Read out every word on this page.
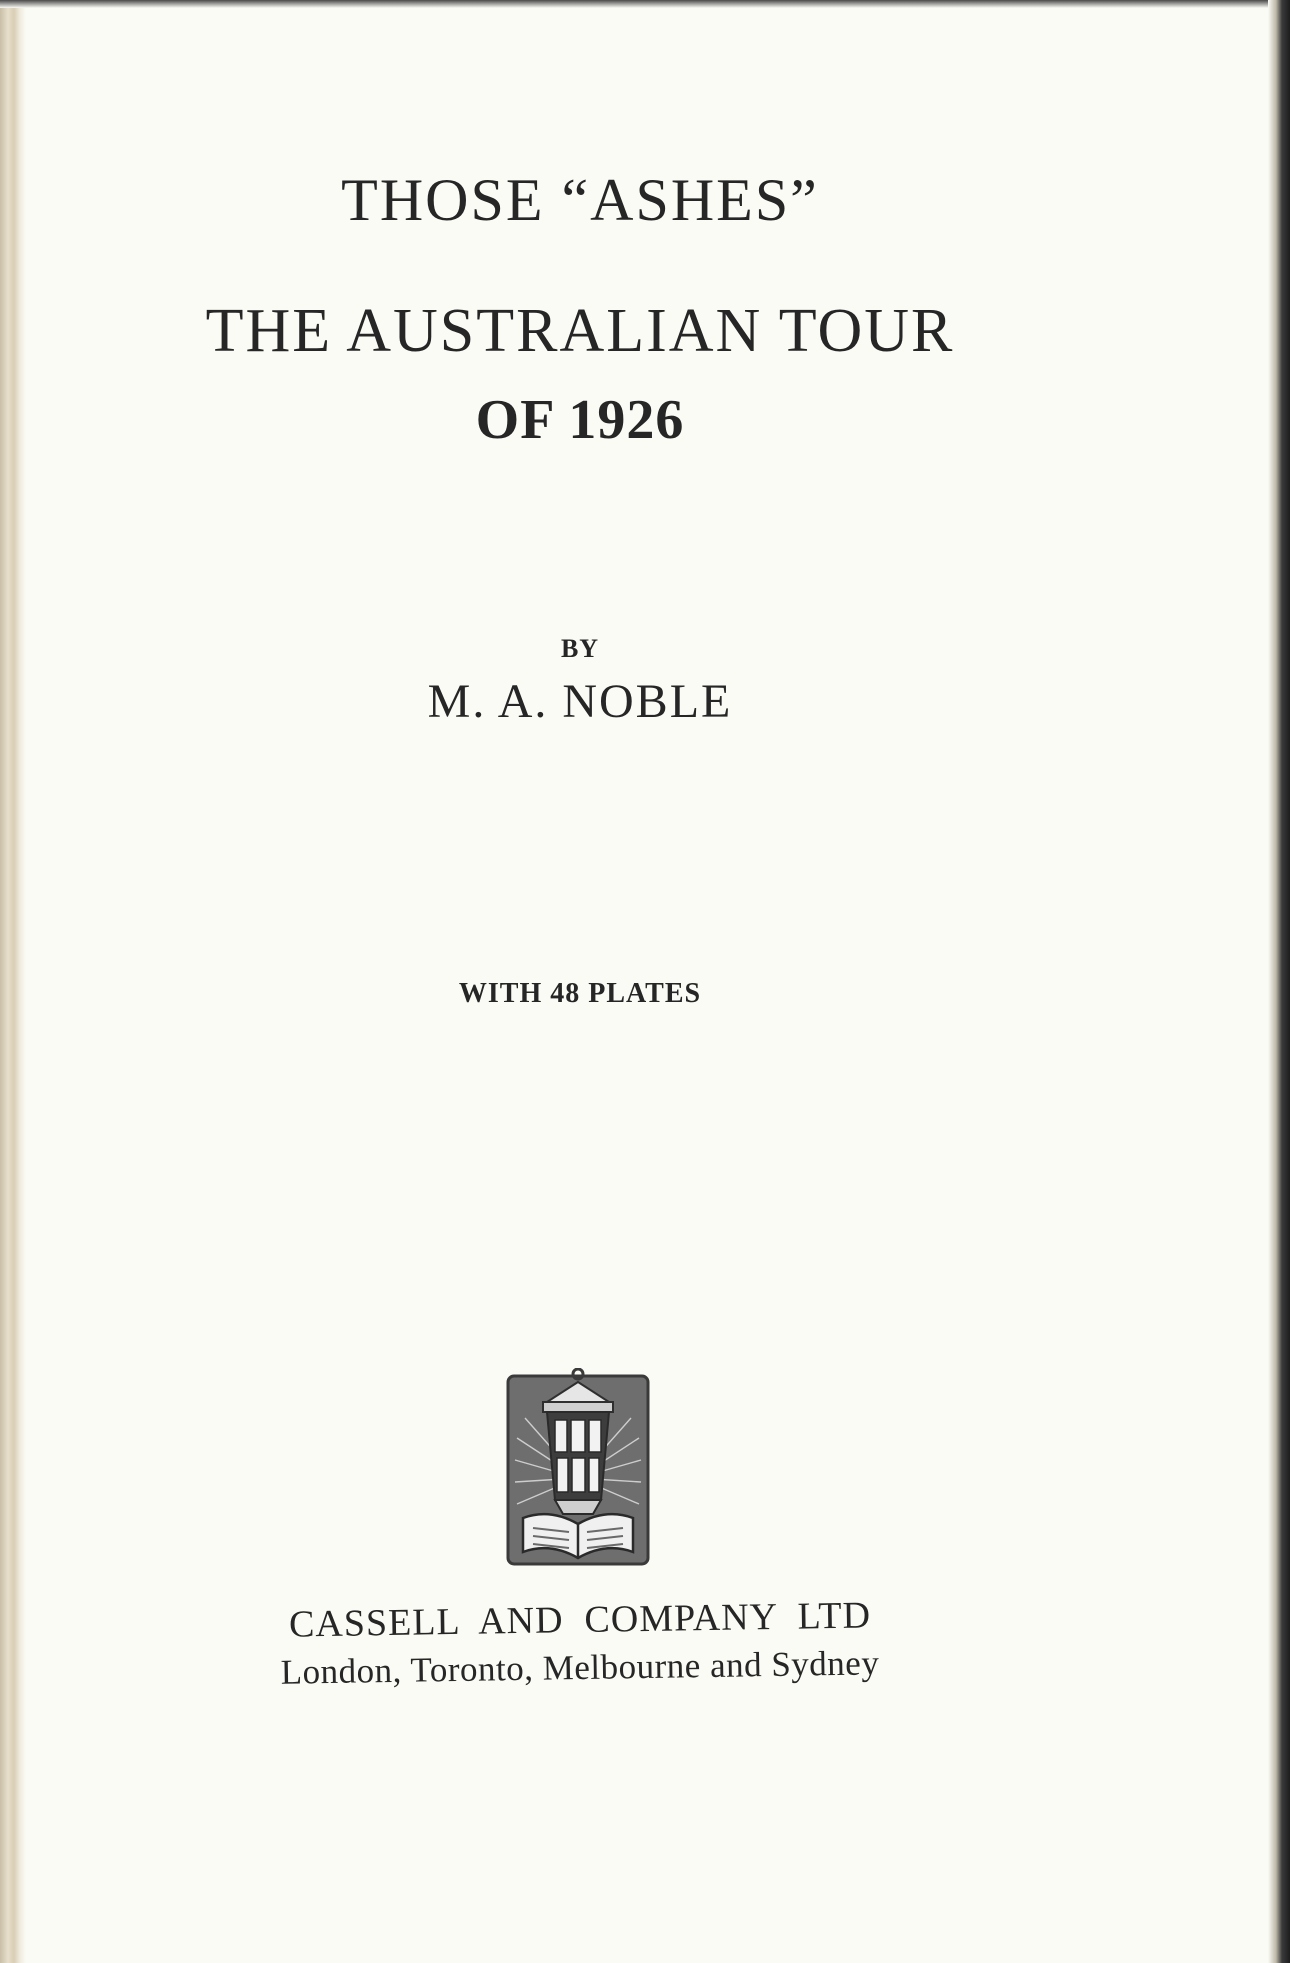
THOSE “ASHES”

THE AUSTRALIAN TOUR

OF 1926

BY

M. A. NOBLE

WITH 48 PLATES

CASSELL  AND  COMPANY  LTD

London, Toronto, Melbourne and Sydney
